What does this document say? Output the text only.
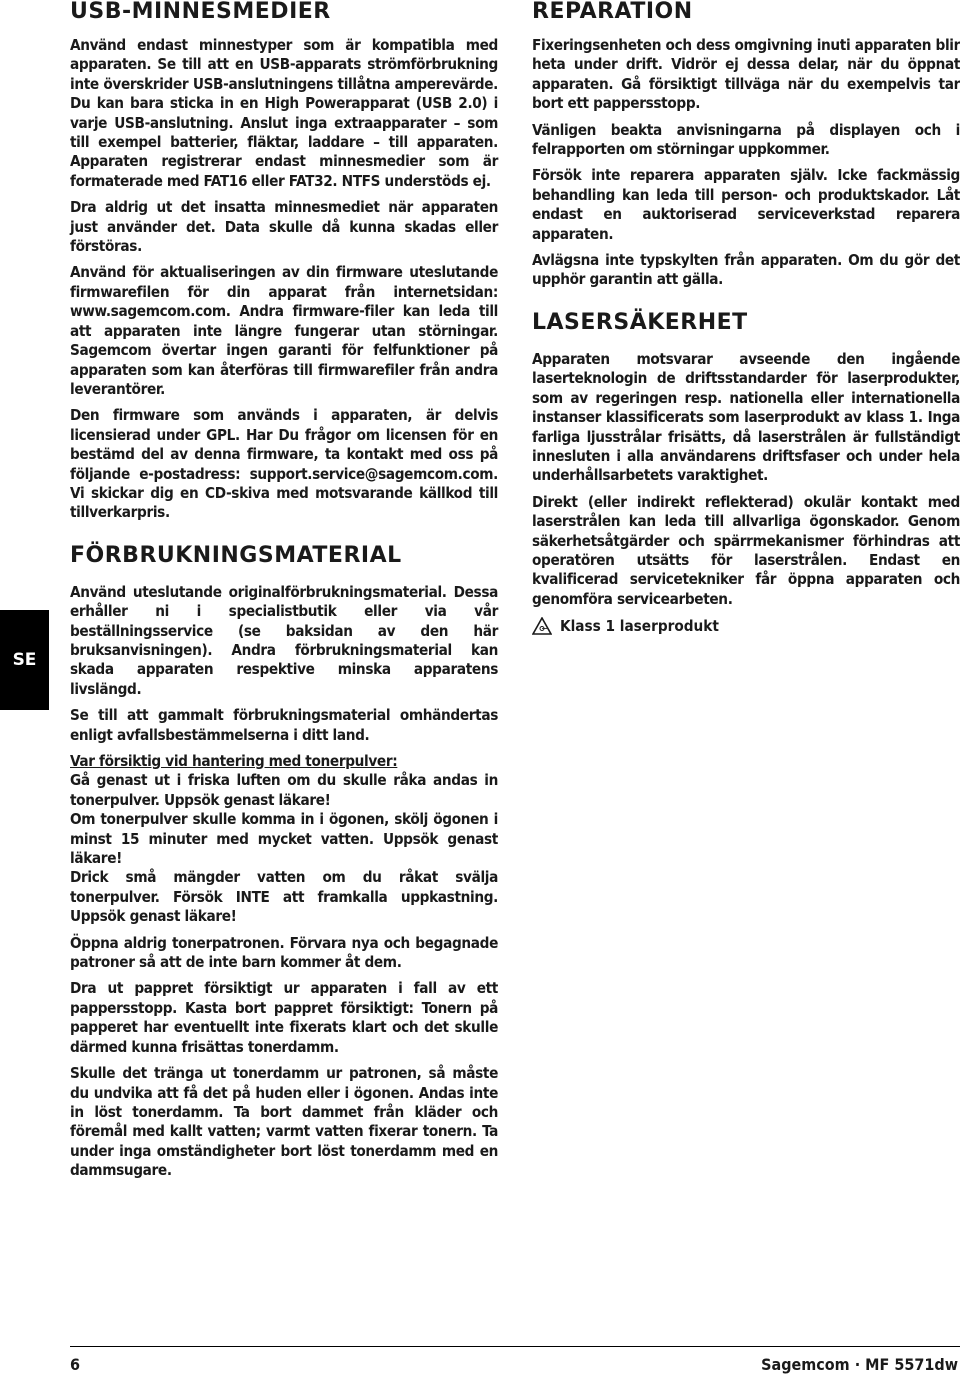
SE
USB-MINNESMEDIER

Använd endast minnestyper som är kompatibla med apparaten. Se till att en USB-apparats strömförbrukning inte överskrider USB-anslutningens tillåtna amperevärde. Du kan bara sticka in en High Powerapparat (USB 2.0) i varje USB-anslutning. Anslut inga extraapparater – som till exempel batterier, fläktar, laddare – till apparaten. Apparaten registrerar endast minnesmedier som är formaterade med FAT16 eller FAT32. NTFS understöds ej.

Dra aldrig ut det insatta minnesmediet när apparaten just använder det. Data skulle då kunna skadas eller förstöras.

Använd för aktualiseringen av din firmware uteslutande firmwarefilen för din apparat från internetsidan: www.sagemcom.com. Andra firmware-filer kan leda till att apparaten inte längre fungerar utan störningar. Sagemcom övertar ingen garanti för felfunktioner på apparaten som kan återföras till firmwarefiler från andra leverantörer.

Den firmware som används i apparaten, är delvis licensierad under GPL. Har Du frågor om licensen för en bestämd del av denna firmware, ta kontakt med oss på följande e-postadress: support.service@sagemcom.com. Vi skickar dig en CD-skiva med motsvarande källkod till tillverkarpris.

FÖRBRUKNINGSMATERIAL

Använd uteslutande originalförbrukningsmaterial. Dessa erhåller ni i specialistbutik eller via vår beställningsservice (se baksidan av den här bruksanvisningen). Andra förbrukningsmaterial kan skada apparaten respektive minska apparatens livslängd.

Se till att gammalt förbrukningsmaterial omhändertas enligt avfallsbestämmelserna i ditt land.

Var försiktig vid hantering med tonerpulver:

Gå genast ut i friska luften om du skulle råka andas in tonerpulver. Uppsök genast läkare!

Om tonerpulver skulle komma in i ögonen, skölj ögonen i minst 15 minuter med mycket vatten. Uppsök genast läkare!

Drick små mängder vatten om du råkat svälja tonerpulver. Försök INTE att framkalla uppkastning. Uppsök genast läkare!

Öppna aldrig tonerpatronen. Förvara nya och begagnade patroner så att de inte barn kommer åt dem.

Dra ut pappret försiktigt ur apparaten i fall av ett pappersstopp. Kasta bort pappret försiktigt: Tonern på papperet har eventuellt inte fixerats klart och det skulle därmed kunna frisättas tonerdamm.

Skulle det tränga ut tonerdamm ur patronen, så måste du undvika att få det på huden eller i ögonen. Andas inte in löst tonerdamm. Ta bort dammet från kläder och föremål med kallt vatten; varmt vatten fixerar tonern. Ta under inga omständigheter bort löst tonerdamm med en dammsugare.

REPARATION

Fixeringsenheten och dess omgivning inuti apparaten blir heta under drift. Vidrör ej dessa delar, när du öppnat apparaten. Gå försiktigt tillväga när du exempelvis tar bort ett pappersstopp.

Vänligen beakta anvisningarna på displayen och i felrapporten om störningar uppkommer.

Försök inte reparera apparaten själv. Icke fackmässig behandling kan leda till person- och produktskador. Låt endast en auktoriserad serviceverkstad reparera apparaten.

Avlägsna inte typskylten från apparaten. Om du gör det upphör garantin att gälla.

LASERSÄKERHET

Apparaten motsvarar avseende den ingående laserteknologin de driftsstandarder för laserprodukter, som av regeringen resp. nationella eller internationella instanser klassificerats som laserprodukt av klass 1. Inga farliga ljusstrålar frisätts, då laserstrålen är fullständigt innesluten i alla användarens driftsfaser och under hela underhållsarbetets varaktighet.

Direkt (eller indirekt reflekterad) okulär kontakt med laserstrålen kan leda till allvarliga ögonskador. Genom säkerhetsåtgärder och spärrmekanismer förhindras att operatören utsätts för laserstrålen. Endast en kvalificerad servicetekniker får öppna apparaten och genomföra servicearbeten.

Klass 1 laserprodukt
6	Sagemcom · MF 5571dw
